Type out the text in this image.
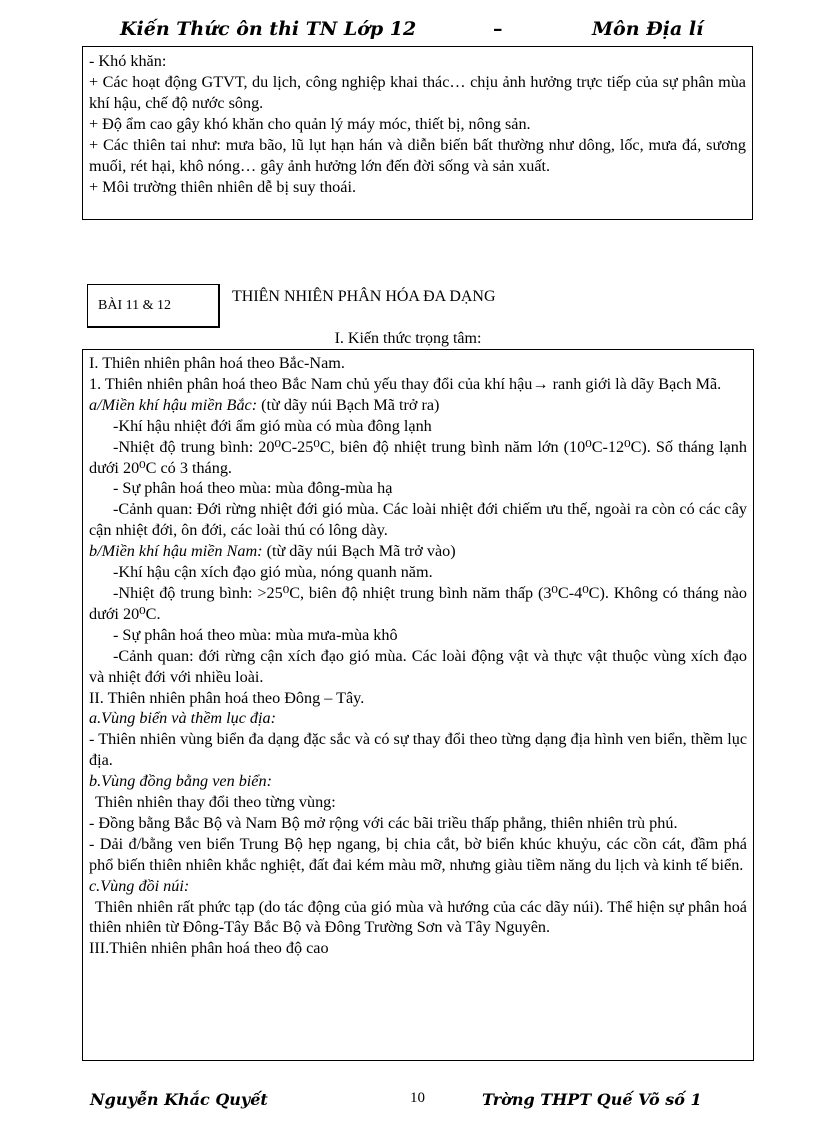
Kiến Thức ôn thi TN Lớp 12	–	Môn Địa lí

- Khó khăn:

+ Các hoạt động GTVT, du lịch, công nghiệp khai thác… chịu ảnh hưởng trực tiếp của sự phân mùa khí hậu, chế độ nước sông.

+ Độ ẩm cao gây khó khăn cho quản lý máy móc, thiết bị, nông sản.

+ Các thiên tai như: mưa bão, lũ lụt hạn hán và diễn biến bất thường như dông, lốc, mưa đá, sương muối, rét hại, khô nóng… gây ảnh hưởng lớn đến đời sống và sản xuất.

+ Môi trường thiên nhiên dễ bị suy thoái.

BÀI 11 & 12	THIÊN NHIÊN PHÂN HÓA ĐA DẠNG
I. Kiến thức trọng tâm:

I. Thiên nhiên phân hoá theo Bắc-Nam.

1. Thiên nhiên phân hoá theo Bắc Nam chủ yếu thay đổi của khí hậu→ ranh giới là dãy Bạch Mã.

a/Miền khí hậu miền Bắc: (từ dãy núi Bạch Mã trở ra)

-Khí hậu nhiệt đới ẩm gió mùa có mùa đông lạnh

-Nhiệt độ trung bình: 20⁰C-25⁰C, biên độ nhiệt trung bình năm lớn (10⁰C-12⁰C). Số tháng lạnh dưới 20⁰C có 3 tháng.

- Sự phân hoá theo mùa: mùa đông-mùa hạ

-Cảnh quan: Đới rừng nhiệt đới gió mùa. Các loài nhiệt đới chiếm ưu thế, ngoài ra còn có các cây cận nhiệt đới, ôn đới, các loài thú có lông dày.

b/Miền khí hậu miền Nam: (từ dãy núi Bạch Mã trở vào)

-Khí hậu cận xích đạo gió mùa, nóng quanh năm.

-Nhiệt độ trung bình: >25⁰C, biên độ nhiệt trung bình năm thấp (3⁰C-4⁰C). Không có tháng nào dưới 20⁰C.

- Sự phân hoá theo mùa: mùa mưa-mùa khô

-Cảnh quan: đới rừng cận xích đạo gió mùa. Các loài động vật và thực vật thuộc vùng xích đạo và nhiệt đới với nhiều loài.

II. Thiên nhiên phân hoá theo Đông – Tây.

a.Vùng biển và thềm lục địa:

- Thiên nhiên vùng biển đa dạng đặc sắc và có sự thay đổi theo từng dạng địa hình ven biển, thềm lục địa.

b.Vùng đồng bằng ven biển:

Thiên nhiên thay đổi theo từng vùng:

- Đồng bằng Bắc Bộ và Nam Bộ mở rộng với các bãi triều thấp phẳng, thiên nhiên trù phú.

- Dải đ/bằng ven biển Trung Bộ hẹp ngang, bị chia cắt, bờ biển khúc khuỷu, các cồn cát, đầm phá phổ biến thiên nhiên khắc nghiệt, đất đai kém màu mỡ, nhưng giàu tiềm năng du lịch và kinh tế biển.

c.Vùng đồi núi:

Thiên nhiên rất phức tạp (do tác động của gió mùa và hướng của các dãy núi). Thể hiện sự phân hoá thiên nhiên từ Đông-Tây Bắc Bộ và Đông Trường Sơn và Tây Nguyên.

III.Thiên nhiên phân hoá theo độ cao

Nguyễn Khắc Quyết	10	Trờng THPT Quế Võ số 1
